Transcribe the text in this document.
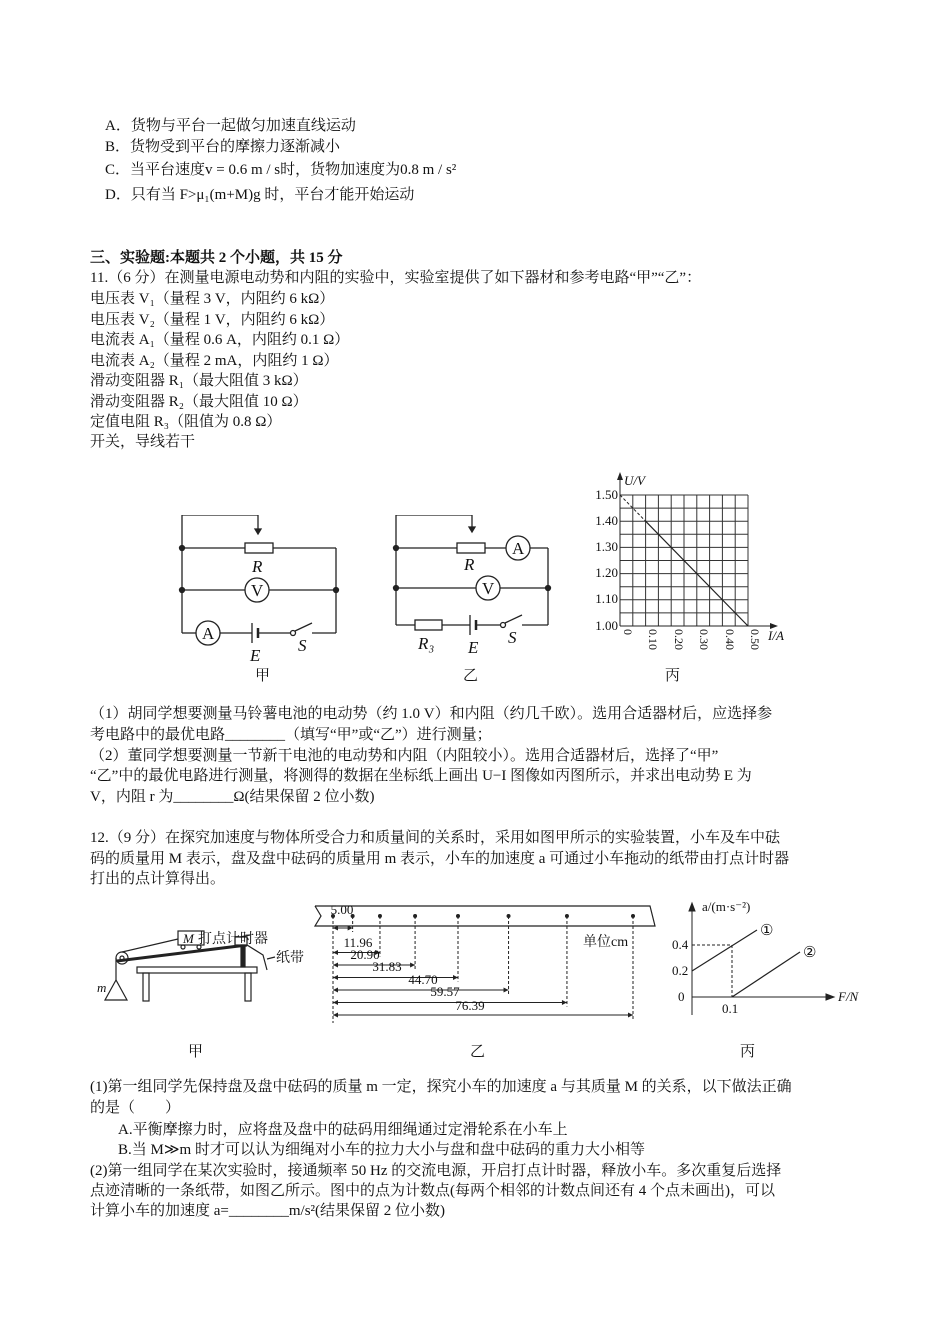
A．货物与平台一起做匀加速直线运动
B．货物受到平台的摩擦力逐渐减小
C．当平台速度v = 0.6 m / s时，货物加速度为0.8 m / s²
D．只有当 F>μ₁(m+M)g 时，平台才能开始运动
三、实验题:本题共 2 个小题，共 15 分
11.（6 分）在测量电源电动势和内阻的实验中，实验室提供了如下器材和参考电路“甲”“乙”：
电压表 V₁（量程 3 V，内阻约 6 kΩ）
电压表 V₂（量程 1 V，内阻约 6 kΩ）
电流表 A₁（量程 0.6 A，内阻约 0.1 Ω）
电流表 A₂（量程 2 mA，内阻约 1 Ω）
滑动变阻器 R₁（最大阻值 3 kΩ）
滑动变阻器 R₂（最大阻值 10 Ω）
定值电阻 R₃（阻值为 0.8 Ω）
开关，导线若干
R
V
A
E
S
甲
R
A
V
R₃ E
S
乙
U/V
I/A
1.50
1.40
1.30
1.20
1.10
1.00 0 0.10 0.20 0.30 0.40 0.50
丙
（1）胡同学想要测量马铃薯电池的电动势（约 1.0 V）和内阻（约几千欧）。选用合适器材后，应选择参
考电路中的最优电路________（填写“甲”或“乙”）进行测量；
（2）董同学想要测量一节新干电池的电动势和内阻（内阻较小）。选用合适器材后，选择了“甲”
“乙”中的最优电路进行测量，将测得的数据在坐标纸上画出 U−I 图像如丙图所示，并求出电动势 E 为
V，内阻 r 为________Ω(结果保留 2 位小数)
12.（9 分）在探究加速度与物体所受合力和质量间的关系时，采用如图甲所示的实验装置，小车及车中砝
码的质量用 M 表示，盘及盘中砝码的质量用 m 表示，小车的加速度 a 可通过小车拖动的纸带由打点计时器
打出的点计算得出。
M
m
打点计时器
纸带
甲
单位cm
5.00
11.96
20.90
31.83
44.70
59.57
76.39
乙
a/(m·s⁻²)
F/N
0.4
0.2
0
0.1
①
②
丙
(1)第一组同学先保持盘及盘中砝码的质量 m 一定，探究小车的加速度 a 与其质量 M 的关系，以下做法正确
的是（　　）
A.平衡摩擦力时，应将盘及盘中的砝码用细绳通过定滑轮系在小车上
B.当 M≫m 时才可以认为细绳对小车的拉力大小与盘和盘中砝码的重力大小相等
(2)第一组同学在某次实验时，接通频率 50 Hz 的交流电源，开启打点计时器，释放小车。多次重复后选择
点迹清晰的一条纸带，如图乙所示。图中的点为计数点(每两个相邻的计数点间还有 4 个点未画出)，可以
计算小车的加速度 a=________m/s²(结果保留 2 位小数)
